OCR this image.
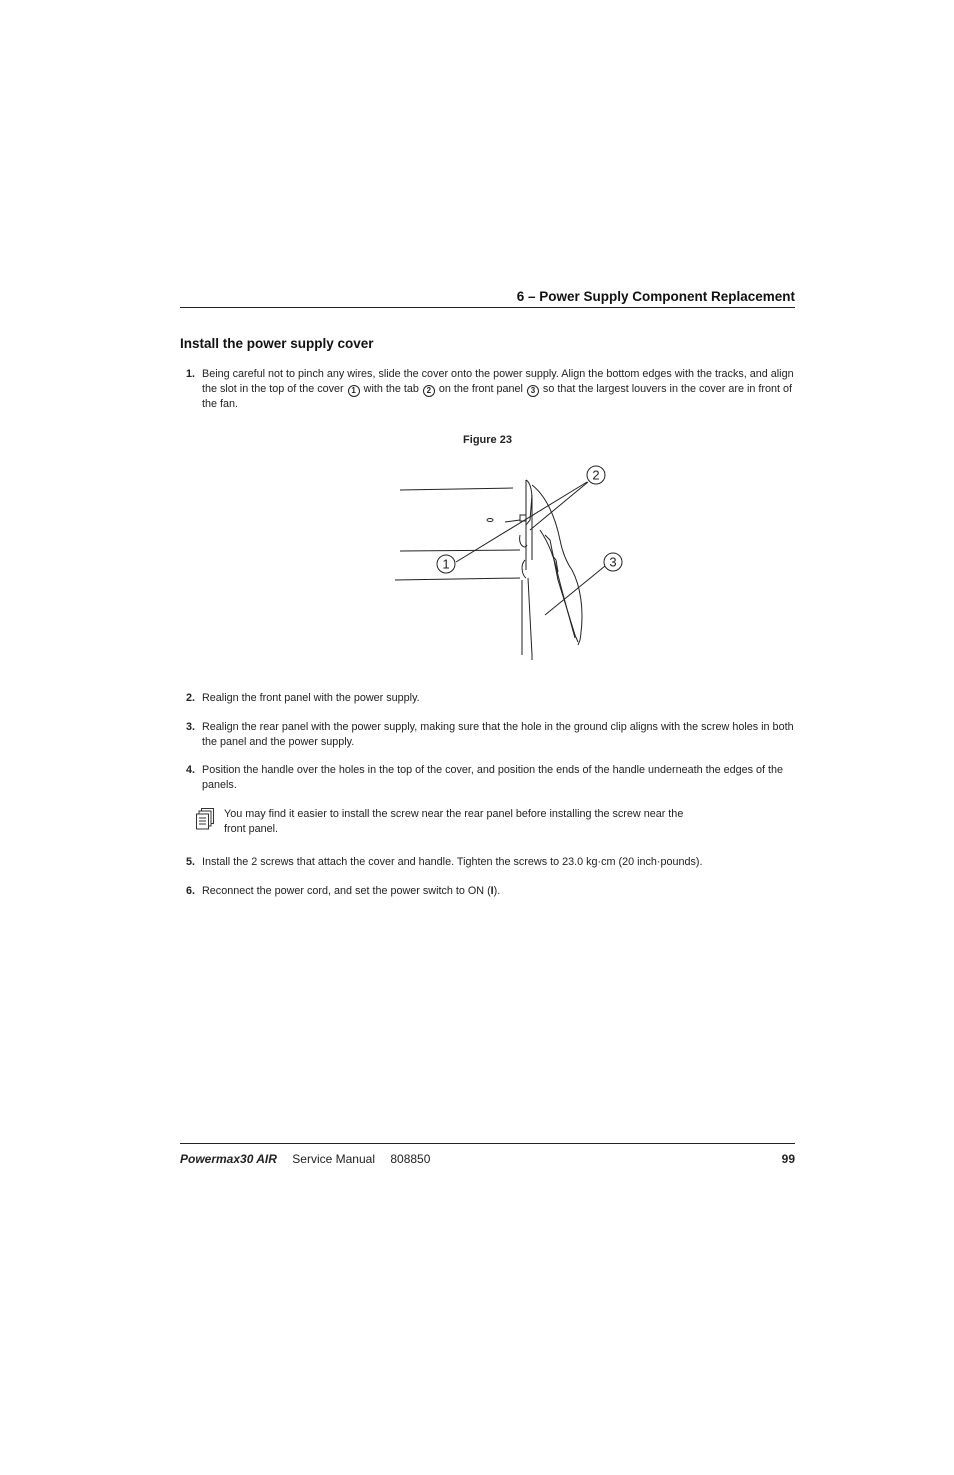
6 – Power Supply Component Replacement
Install the power supply cover
1. Being careful not to pinch any wires, slide the cover onto the power supply. Align the bottom edges with the tracks, and align the slot in the top of the cover 1 with the tab 2 on the front panel 3 so that the largest louvers in the cover are in front of the fan.
Figure 23
2
1	3
2. Realign the front panel with the power supply.
3. Realign the rear panel with the power supply, making sure that the hole in the ground clip aligns with the screw holes in both the panel and the power supply.
4. Position the handle over the holes in the top of the cover, and position the ends of the handle underneath the edges of the panels.
You may find it easier to install the screw near the rear panel before installing the screw near the front panel.
5. Install the 2 screws that attach the cover and handle. Tighten the screws to 23.0 kg·cm (20 inch·pounds).
6. Reconnect the power cord, and set the power switch to ON (I).
Powermax30 AIR Service Manual 808850	99
